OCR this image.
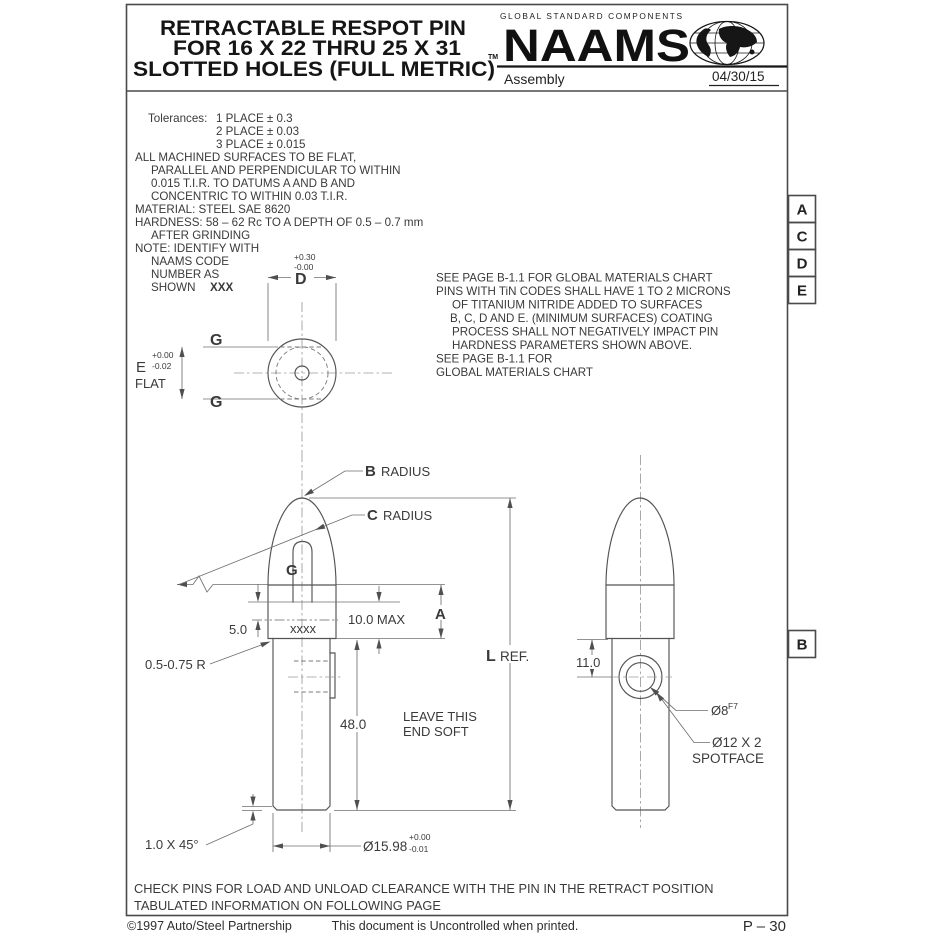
RETRACTABLE RESPOT PIN
FOR 16 X 22 THRU 25 X 31
SLOTTED HOLES (FULL METRIC)
GLOBAL STANDARD COMPONENTS
TM NAAMS
Assembly	04/30/15
A
C
D
E
B
Tolerances: 1 PLACE ± 0.3
2 PLACE ± 0.03
3 PLACE ± 0.015
ALL MACHINED SURFACES TO BE FLAT,
PARALLEL AND PERPENDICULAR TO WITHIN
0.015 T.I.R. TO DATUMS A AND B AND
CONCENTRIC TO WITHIN 0.03 T.I.R.
MATERIAL: STEEL SAE 8620
HARDNESS: 58 – 62 Rc TO A DEPTH OF 0.5 – 0.7 mm
AFTER GRINDING
NOTE: IDENTIFY WITH
NAAMS CODE
NUMBER AS
SHOWN XXX
SEE PAGE B-1.1 FOR GLOBAL MATERIALS CHART
PINS WITH TiN CODES SHALL HAVE 1 TO 2 MICRONS
OF TITANIUM NITRIDE ADDED TO SURFACES
B, C, D AND E. (MINIMUM SURFACES) COATING
PROCESS SHALL NOT NEGATIVELY IMPACT PIN
HARDNESS PARAMETERS SHOWN ABOVE.
SEE PAGE B-1.1 FOR
GLOBAL MATERIALS CHART
D
+0.30
-0.00
G
G
E
+0.00
-0.02
FLAT
G
xxxx
B RADIUS
C RADIUS
5.0
10.0 MAX A
0.5-0.75 R
48.0
LEAVE THIS
END SOFT
L REF.
1.0 X 45°	Ø15.98
+0.00
-0.01
11.0
Ø8 F7
Ø12 X 2
SPOTFACE
CHECK PINS FOR LOAD AND UNLOAD CLEARANCE WITH THE PIN IN THE RETRACT POSITION
TABULATED INFORMATION ON FOLLOWING PAGE
©1997 Auto/Steel Partnership	This document is Uncontrolled when printed.	P – 30
